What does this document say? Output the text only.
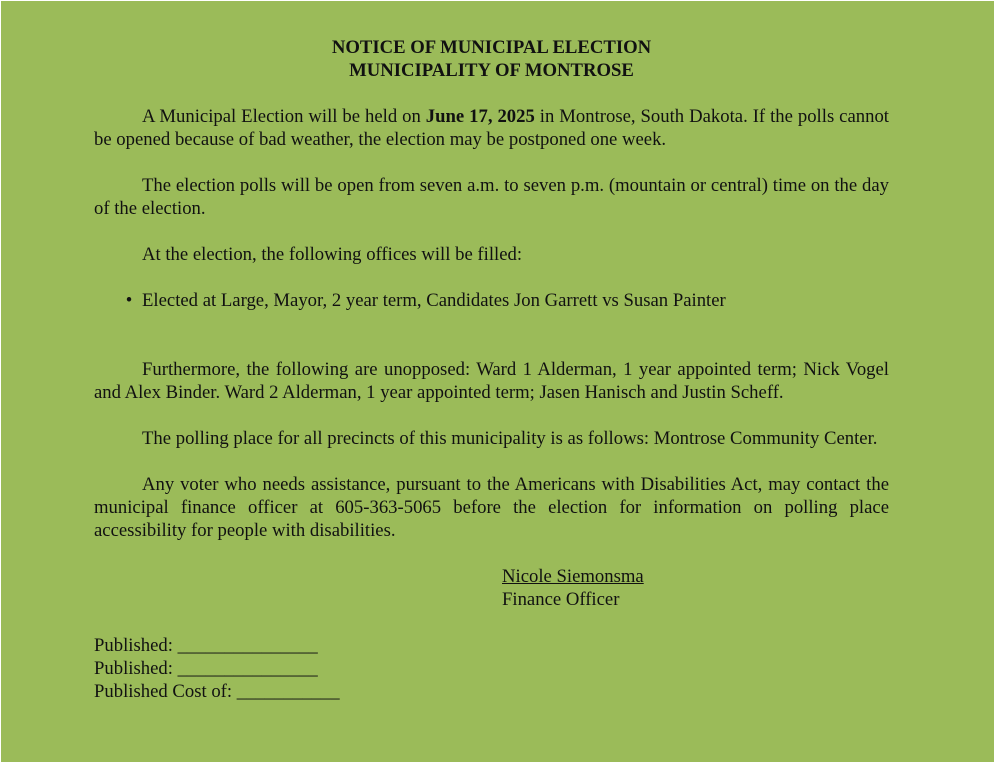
NOTICE OF MUNICIPAL ELECTION

MUNICIPALITY OF MONTROSE

A Municipal Election will be held on June 17, 2025 in Montrose, South Dakota. If the polls cannot be opened because of bad weather, the election may be postponed one week.

The election polls will be open from seven a.m. to seven p.m. (mountain or central) time on the day of the election.

At the election, the following offices will be filled:

• Elected at Large, Mayor, 2 year term, Candidates Jon Garrett vs Susan Painter

Furthermore, the following are unopposed: Ward 1 Alderman, 1 year appointed term; Nick Vogel and Alex Binder. Ward 2 Alderman, 1 year appointed term; Jasen Hanisch and Justin Scheff.

The polling place for all precincts of this municipality is as follows: Montrose Community Center.

Any voter who needs assistance, pursuant to the Americans with Disabilities Act, may contact the municipal finance officer at 605-363-5065 before the election for information on polling place accessibility for people with disabilities.

Nicole Siemonsma
Finance Officer

Published: _______________

Published: _______________

Published Cost of: ___________
